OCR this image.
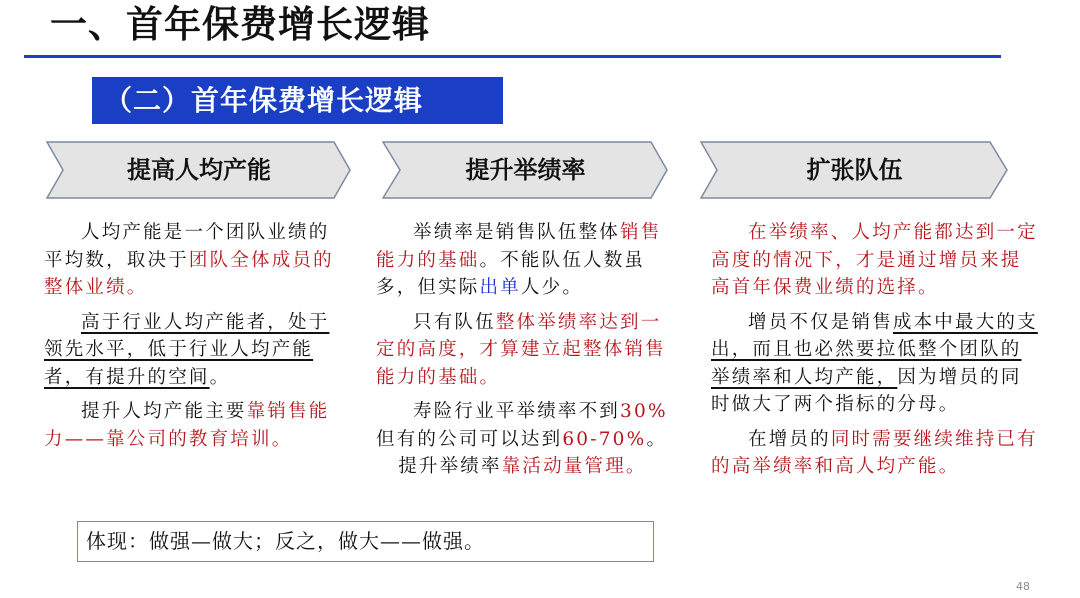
一、首年保费增长逻辑
（二）首年保费增长逻辑
提高人均产能	提升举绩率	扩张队伍

人均产能是一个团队业绩的平均数，取决于团队全体成员的整体业绩。

高于行业人均产能者，处于领先水平，低于行业人均产能者，有提升的空间。

提升人均产能主要靠销售能力——靠公司的教育培训。

举绩率是销售队伍整体销售能力的基础。不能队伍人数虽多，但实际出单人少。

只有队伍整体举绩率达到一定的高度，才算建立起整体销售能力的基础。

寿险行业平举绩率不到30%但有的公司可以达到60-70%。

提升举绩率靠活动量管理。

在举绩率、人均产能都达到一定高度的情况下，才是通过增员来提高首年保费业绩的选择。

增员不仅是销售成本中最大的支出，而且也必然要拉低整个团队的举绩率和人均产能，因为增员的同时做大了两个指标的分母。

在增员的同时需要继续维持已有的高举绩率和高人均产能。

体现：做强—做大；反之，做大——做强。
48
